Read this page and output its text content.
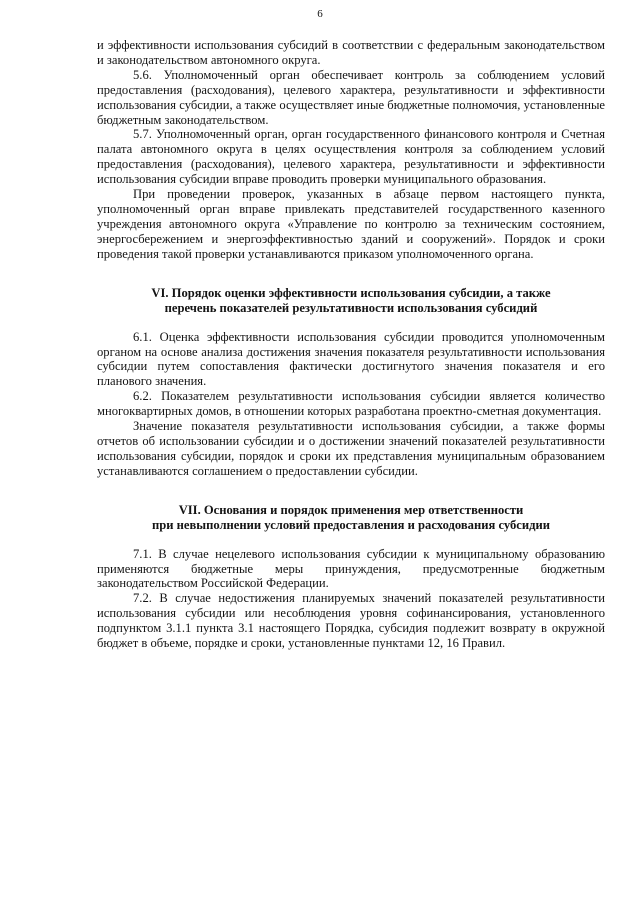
6

и эффективности использования субсидий в соответствии с федеральным законодательством и законодательством автономного округа.

5.6. Уполномоченный орган обеспечивает контроль за соблюдением условий предоставления (расходования), целевого характера, результативности и эффективности использования субсидии, а также осуществляет иные бюджетные полномочия, установленные бюджетным законодательством.

5.7. Уполномоченный орган, орган государственного финансового контроля и Счетная палата автономного округа в целях осуществления контроля за соблюдением условий предоставления (расходования), целевого характера, результативности и эффективности использования субсидии вправе проводить проверки муниципального образования.

При проведении проверок, указанных в абзаце первом настоящего пункта, уполномоченный орган вправе привлекать представителей государственного казенного учреждения автономного округа «Управление по контролю за техническим состоянием, энергосбережением и энергоэффективностью зданий и сооружений». Порядок и сроки проведения такой проверки устанавливаются приказом уполномоченного органа.

VI. Порядок оценки эффективности использования субсидии, а также
перечень показателей результативности использования субсидий

6.1. Оценка эффективности использования субсидии проводится уполномоченным органом на основе анализа достижения значения показателя результативности использования субсидии путем сопоставления фактически достигнутого значения показателя и его планового значения.

6.2. Показателем результативности использования субсидии является количество многоквартирных домов, в отношении которых разработана проектно-сметная документация.

Значение показателя результативности использования субсидии, а также формы отчетов об использовании субсидии и о достижении значений показателей результативности использования субсидии, порядок и сроки их представления муниципальным образованием устанавливаются соглашением о предоставлении субсидии.

VII. Основания и порядок применения мер ответственности
при невыполнении условий предоставления и расходования субсидии

7.1. В случае нецелевого использования субсидии к муниципальному образованию применяются бюджетные меры принуждения, предусмотренные бюджетным законодательством Российской Федерации.

7.2. В случае недостижения планируемых значений показателей результативности использования субсидии или несоблюдения уровня софинансирования, установленного подпунктом 3.1.1 пункта 3.1 настоящего Порядка, субсидия подлежит возврату в окружной бюджет в объеме, порядке и сроки, установленные пунктами 12, 16 Правил.
